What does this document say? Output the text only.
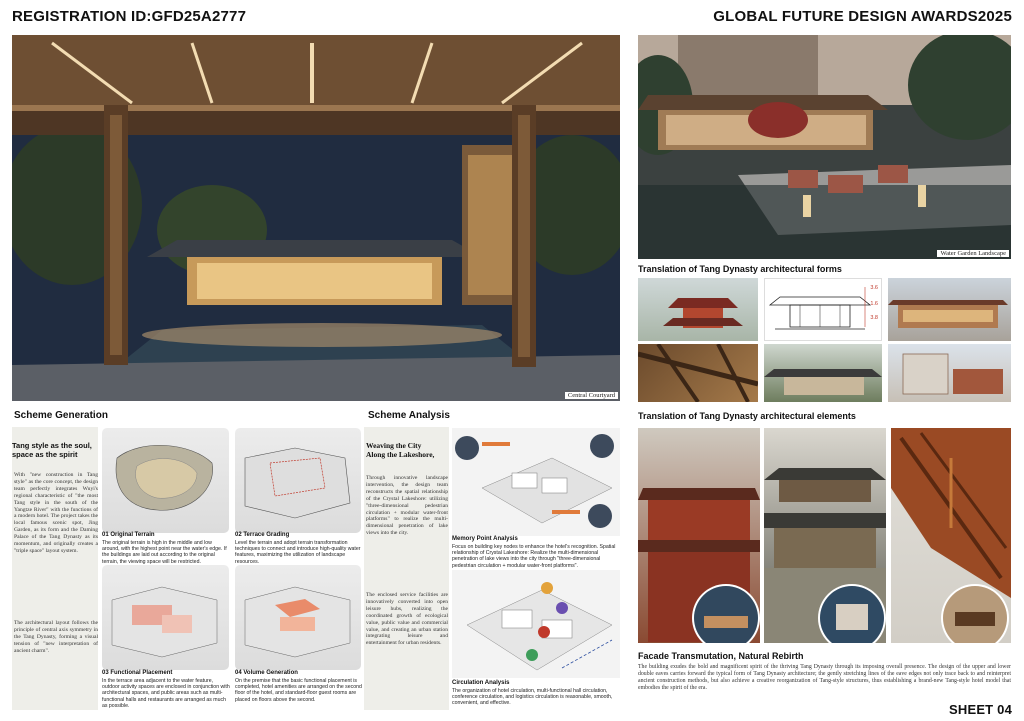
REGISTRATION ID:GFD25A2777	GLOBAL FUTURE DESIGN AWARDS2025
Central Courtyard
Water Garden Landscape
Translation of Tang Dynasty architectural forms
3.6
1.6
3.8
Scheme Generation
Tang style as the soul,
space as the spirit
With "new construction in Tang style" as the core concept, the design team perfectly integrates Wuyi's regional characteristic of "the most Tang style in the south of the Yangtze River" with the functions of a modern hotel. The project takes the local famous scenic spot, Jing Garden, as its form and the Daming Palace of the Tang Dynasty as its momentum, and originally creates a "triple space" layout system.
The architectural layout follows the principle of central axis symmetry in the Tang Dynasty, forming a visual tension of "new interpretation of ancient charm".
01 Original Terrain
The original terrain is high in the middle and low around, with the highest point near the water's edge. If the buildings are laid out according to the original terrain, the viewing space will be restricted.
02 Terrace Grading
Level the terrain and adopt terrain transformation techniques to connect and introduce high-quality water features, maximizing the utilization of landscape resources.
03 Functional Placement
In the terrace area adjacent to the water feature, outdoor activity spaces are enclosed in conjunction with architectural spaces, and public areas such as multi-functional halls and restaurants are arranged as much as possible.
04 Volume Generation
On the premise that the basic functional placement is completed, hotel amenities are arranged on the second floor of the hotel, and standard-floor guest rooms are placed on floors above the second.
Scheme Analysis
Weaving the City
Along the Lakeshore,
Through innovative landscape intervention, the design team reconstructs the spatial relationship of the Crystal Lakeshore: utilizing "three-dimensional pedestrian circulation + modular water-front platforms" to realize the multi-dimensional penetration of lake views into the city.
The enclosed service facilities are innovatively converted into open leisure hubs, realizing the coordinated growth of ecological value, public value and commercial value, and creating an urban station integrating leisure and entertainment for urban residents.
Memory Point Analysis
Focus on building key nodes to enhance the hotel's recognition. Spatial relationship of Crystal Lakeshore: Realize the multi-dimensional penetration of lake views into the city through "three-dimensional pedestrian circulation + modular water-front platforms".
Circulation Analysis
The organization of hotel circulation, multi-functional hall circulation, conference circulation, and logistics circulation is reasonable, smooth, convenient, and effective.
Translation of Tang Dynasty architectural elements
Facade Transmutation, Natural Rebirth
The building exudes the bold and magnificent spirit of the thriving Tang Dynasty through its imposing overall presence. The design of the upper and lower double eaves carries forward the typical form of Tang Dynasty architecture; the gently stretching lines of the eave edges not only trace back to and reinterpret ancient construction methods, but also achieve a creative reorganization of Tang-style structures, thus establishing a brand-new Tang-style hotel model that embodies the spirit of the era.
SHEET 04
